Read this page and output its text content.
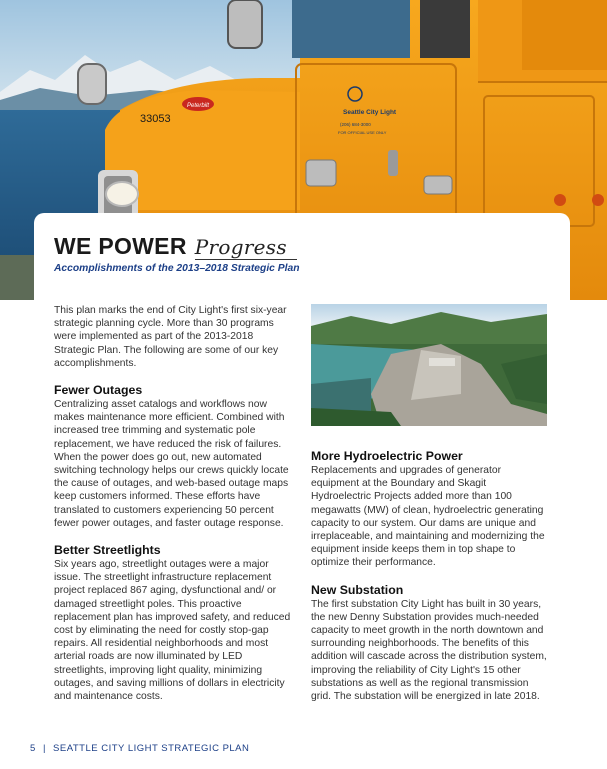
33053
Peterbilt
Seattle City Light
(206) 684-3000
FOR OFFICIAL USE ONLY
WE POWER Progress
Accomplishments of the 2013–2018 Strategic Plan

This plan marks the end of City Light's first six-year strategic planning cycle. More than 30 programs were implemented as part of the 2013-2018 Strategic Plan. The following are some of our key accomplishments.

Fewer Outages

Centralizing asset catalogs and workflows now makes maintenance more efficient. Combined with increased tree trimming and systematic pole replacement, we have reduced the risk of failures. When the power does go out, new automated switching technology helps our crews quickly locate the cause of outages, and web-based outage maps keep customers informed. These efforts have translated to customers experiencing 50 percent fewer power outages, and faster outage response.

Better Streetlights

Six years ago, streetlight outages were a major issue. The streetlight infrastructure replacement project replaced 867 aging, dysfunctional and/ or damaged streetlight poles. This proactive replacement plan has improved safety, and reduced cost by eliminating the need for costly stop-gap repairs. All residential neighborhoods and most arterial roads are now illuminated by LED streetlights, improving light quality, minimizing outages, and saving millions of dollars in electricity and maintenance costs.

More Hydroelectric Power

Replacements and upgrades of generator equipment at the Boundary and Skagit Hydroelectric Projects added more than 100 megawatts (MW) of clean, hydroelectric generating capacity to our system. Our dams are unique and irreplaceable, and maintaining and modernizing the equipment inside keeps them in top shape to optimize their performance.

New Substation

The first substation City Light has built in 30 years, the new Denny Substation provides much-needed capacity to meet growth in the north downtown and surrounding neighborhoods. The benefits of this addition will cascade across the distribution system, improving the reliability of City Light's 15 other substations as well as the regional transmission grid. The substation will be energized in late 2018.

5 | SEATTLE CITY LIGHT STRATEGIC PLAN
